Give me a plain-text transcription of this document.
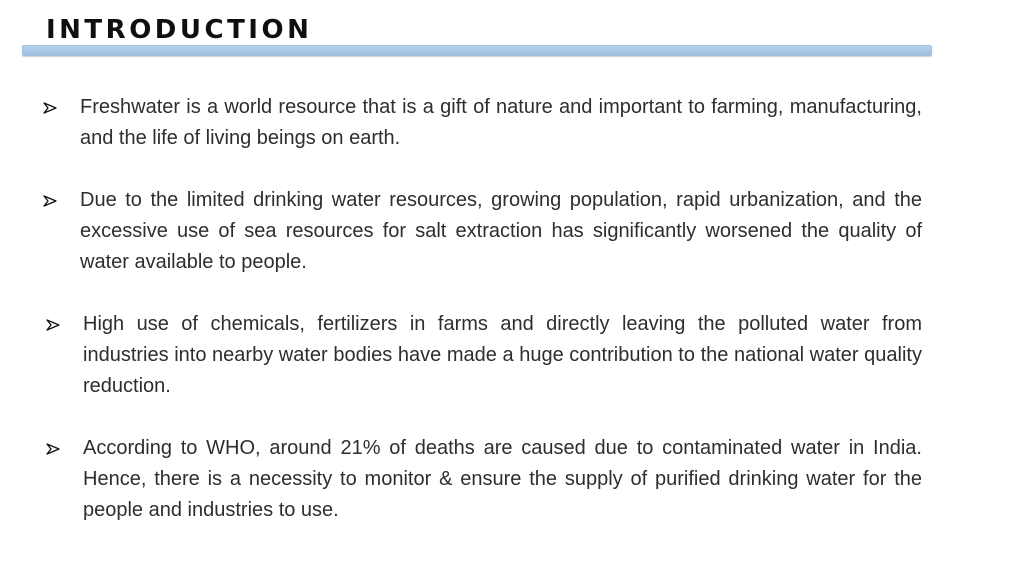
INTRODUCTION
Freshwater is a world resource that is a gift of nature and important to farming, manufacturing, and the life of living beings on earth.
Due to the limited drinking water resources, growing population, rapid urbanization, and the excessive use of sea resources for salt extraction has significantly worsened the quality of water available to people.
High use of chemicals, fertilizers in farms and directly leaving the polluted water from industries into nearby water bodies have made a huge contribution to the national water quality reduction.
According to WHO, around 21% of deaths are caused due to contaminated water in India. Hence, there is a necessity to monitor & ensure the supply of purified drinking water for the people and industries to use.
